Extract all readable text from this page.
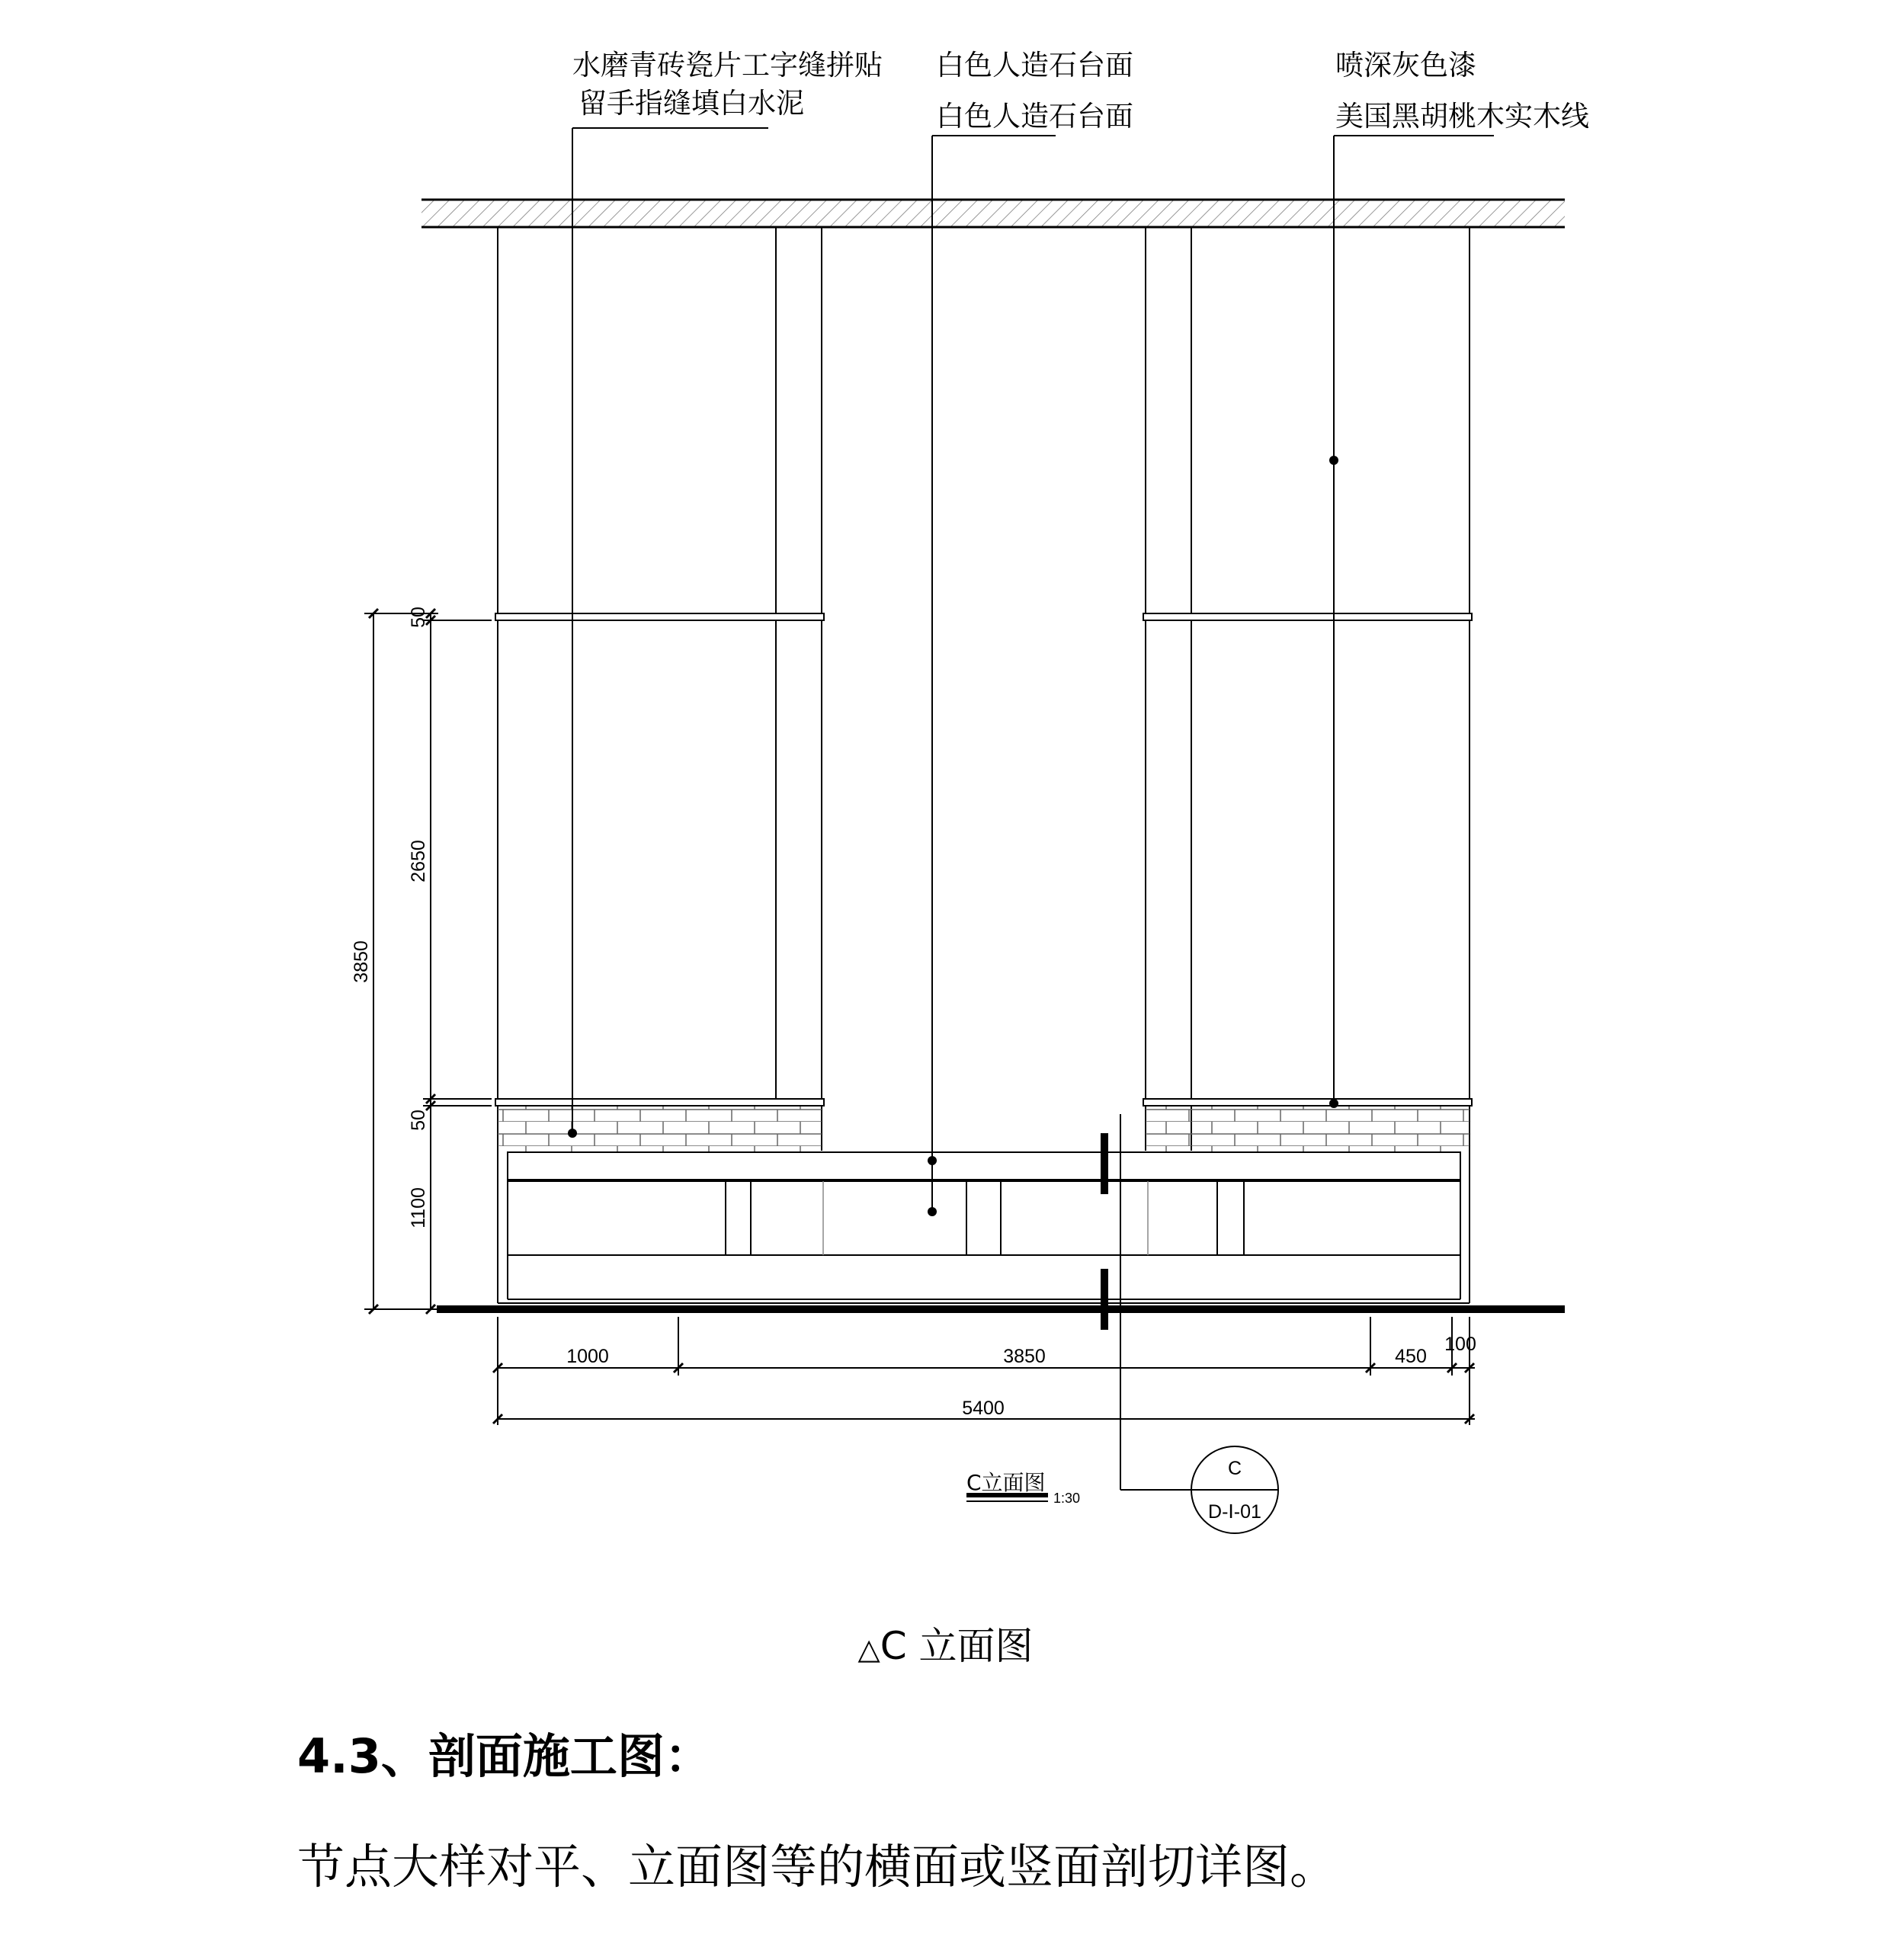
水磨青砖瓷片工字缝拼贴
留手指缝填白水泥
白色人造石台面
白色人造石台面
喷深灰色漆
美国黑胡桃木实木线
3850
50
2650
50
1100
1000	3850	450
100
5400
C立面图
1:30
C
D-Ⅰ-01
△C 立面图
4.3、剖面施工图：
节点大样对平、立面图等的横面或竖面剖切详图。
